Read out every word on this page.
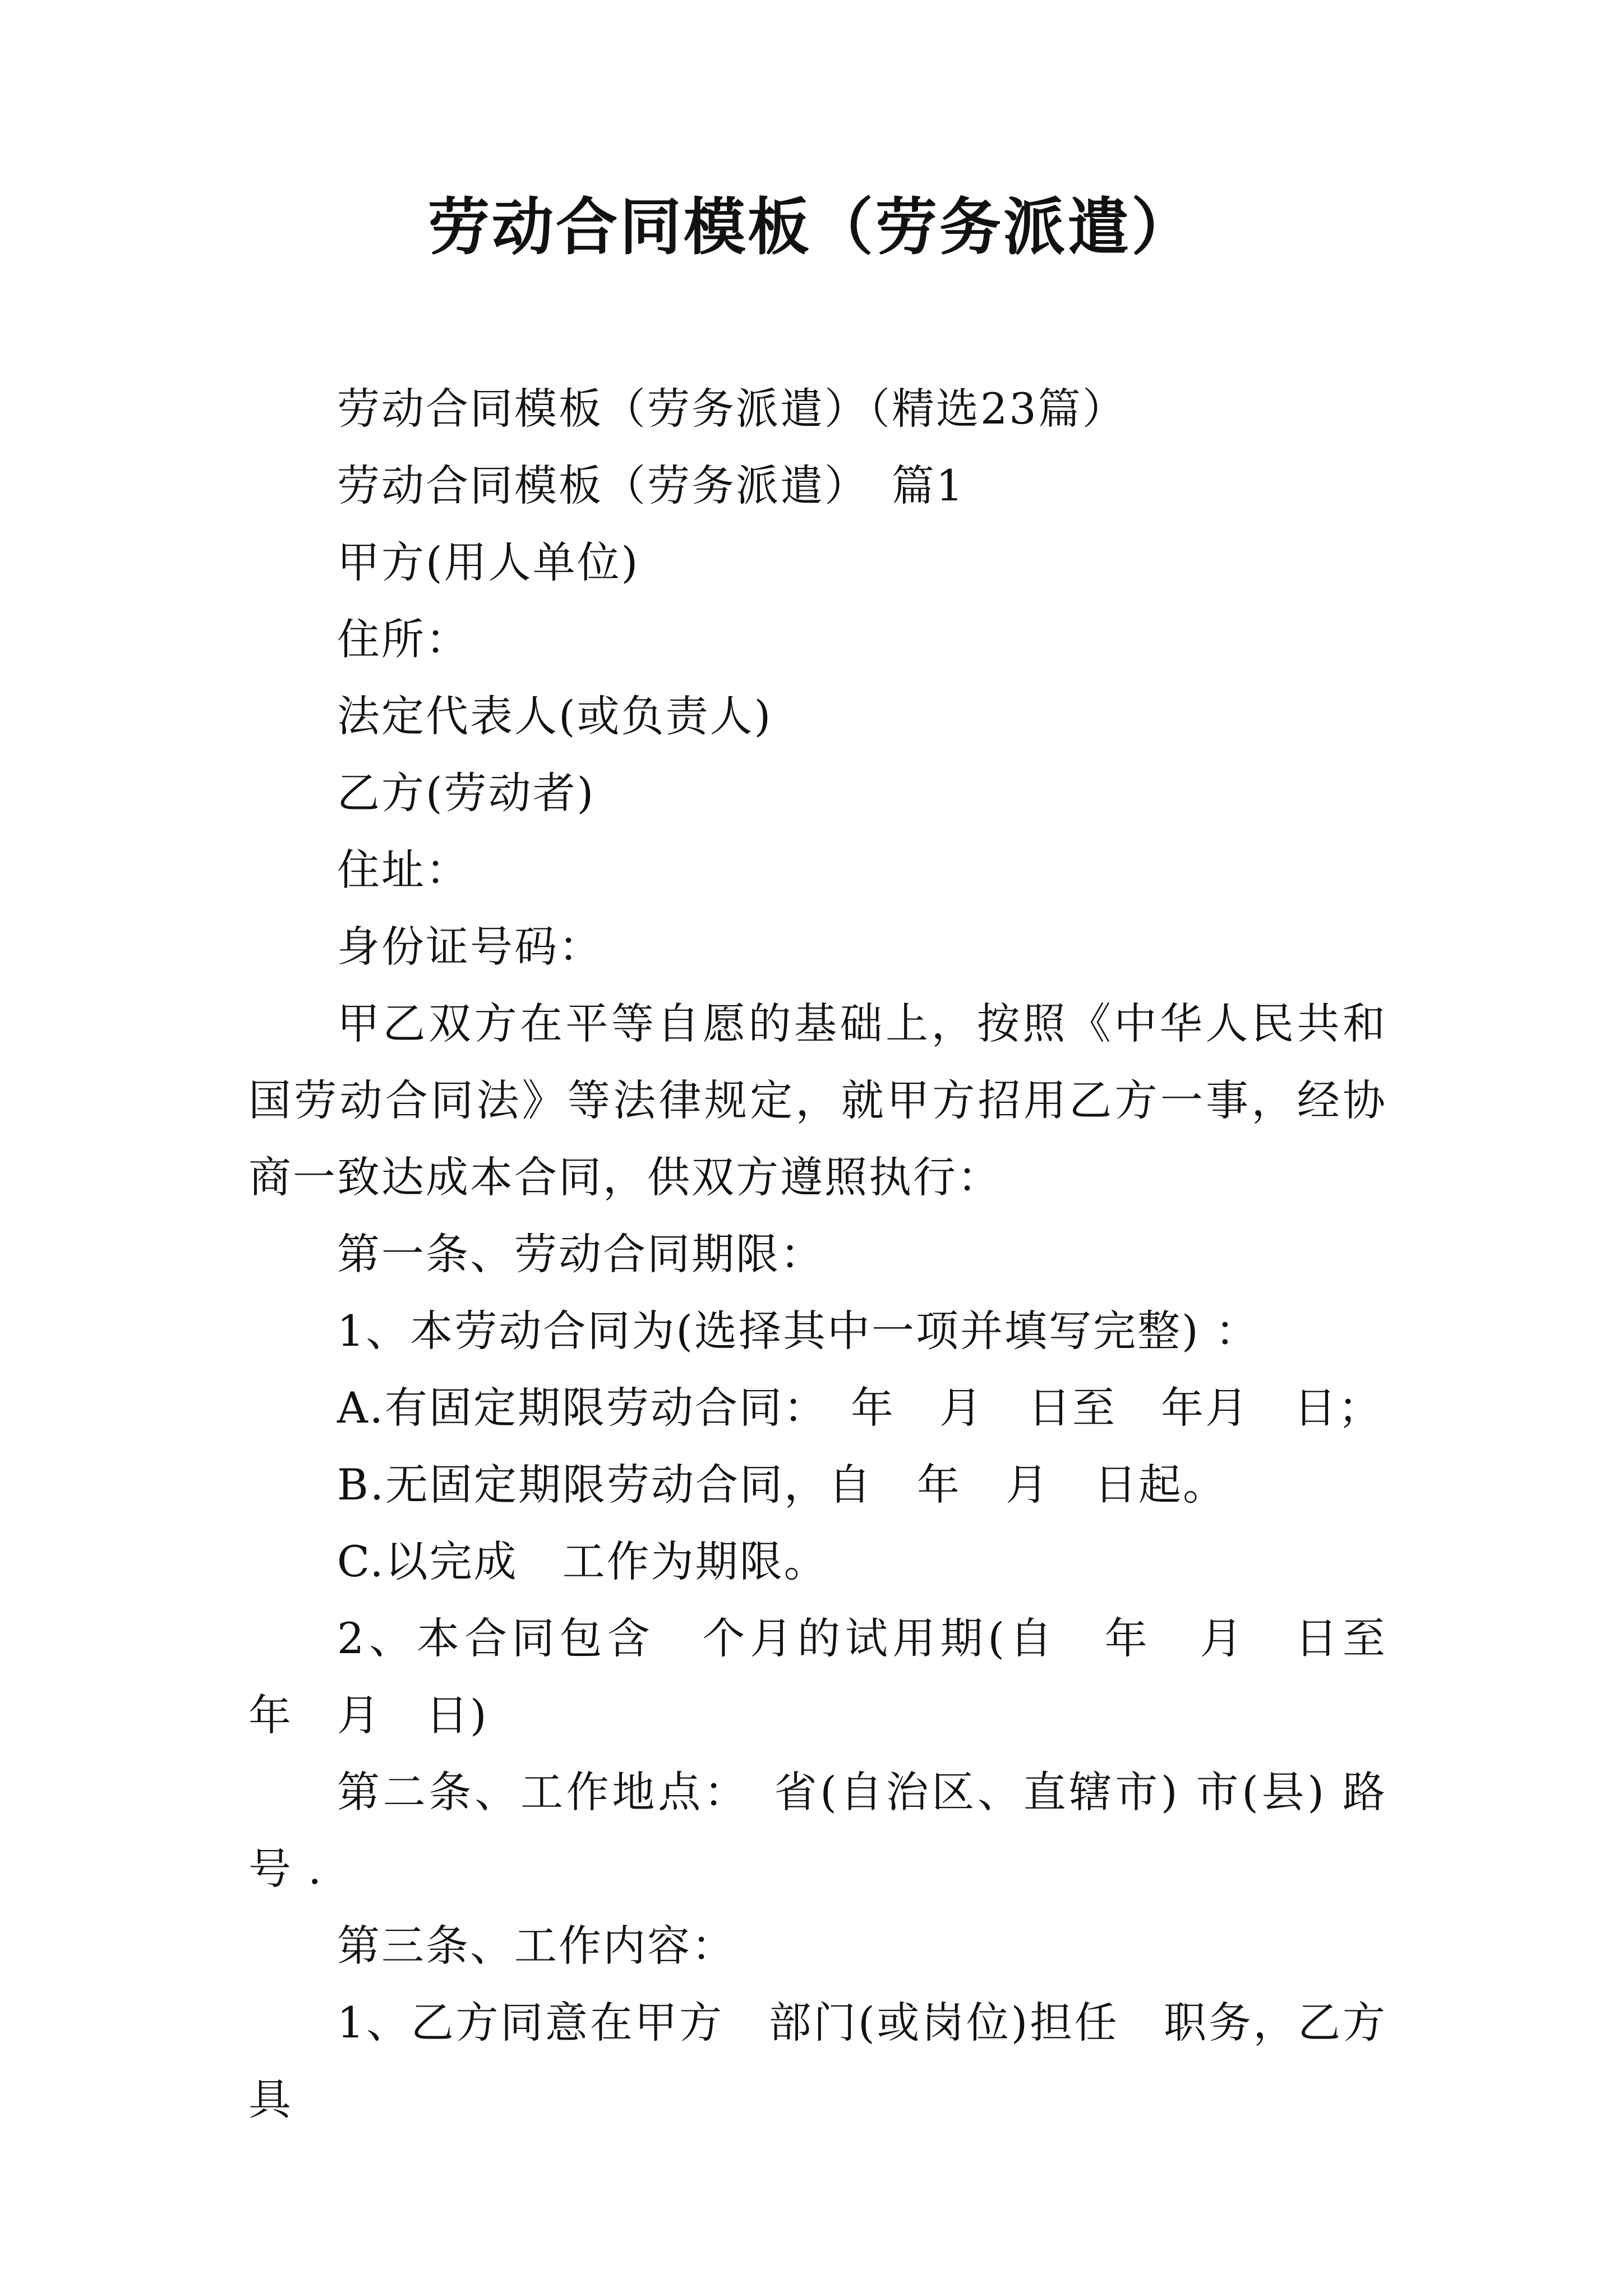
劳动合同模板（劳务派遣）

劳动合同模板（劳务派遣）（精选23篇）

劳动合同模板（劳务派遣）　篇1

甲方(用人单位)

住所：

法定代表人(或负责人)

乙方(劳动者)

住址：

身份证号码：

甲乙双方在平等自愿的基础上，按照《中华人民共和国劳动合同法》等法律规定，就甲方招用乙方一事，经协商一致达成本合同，供双方遵照执行：

第一条、劳动合同期限：

1、本劳动合同为(选择其中一项并填写完整) ：

A.有固定期限劳动合同：　年　月　日至　年月　日；

B.无固定期限劳动合同，自　年　月　日起。

C.以完成　工作为期限。

2、本合同包含　个月的试用期(自　年　月　日至　年　月　日)

第二条、工作地点：　省(自治区、直辖市) 市(县) 路　号 .

第三条、工作内容：

1、乙方同意在甲方　部门(或岗位)担任　职务，乙方具
